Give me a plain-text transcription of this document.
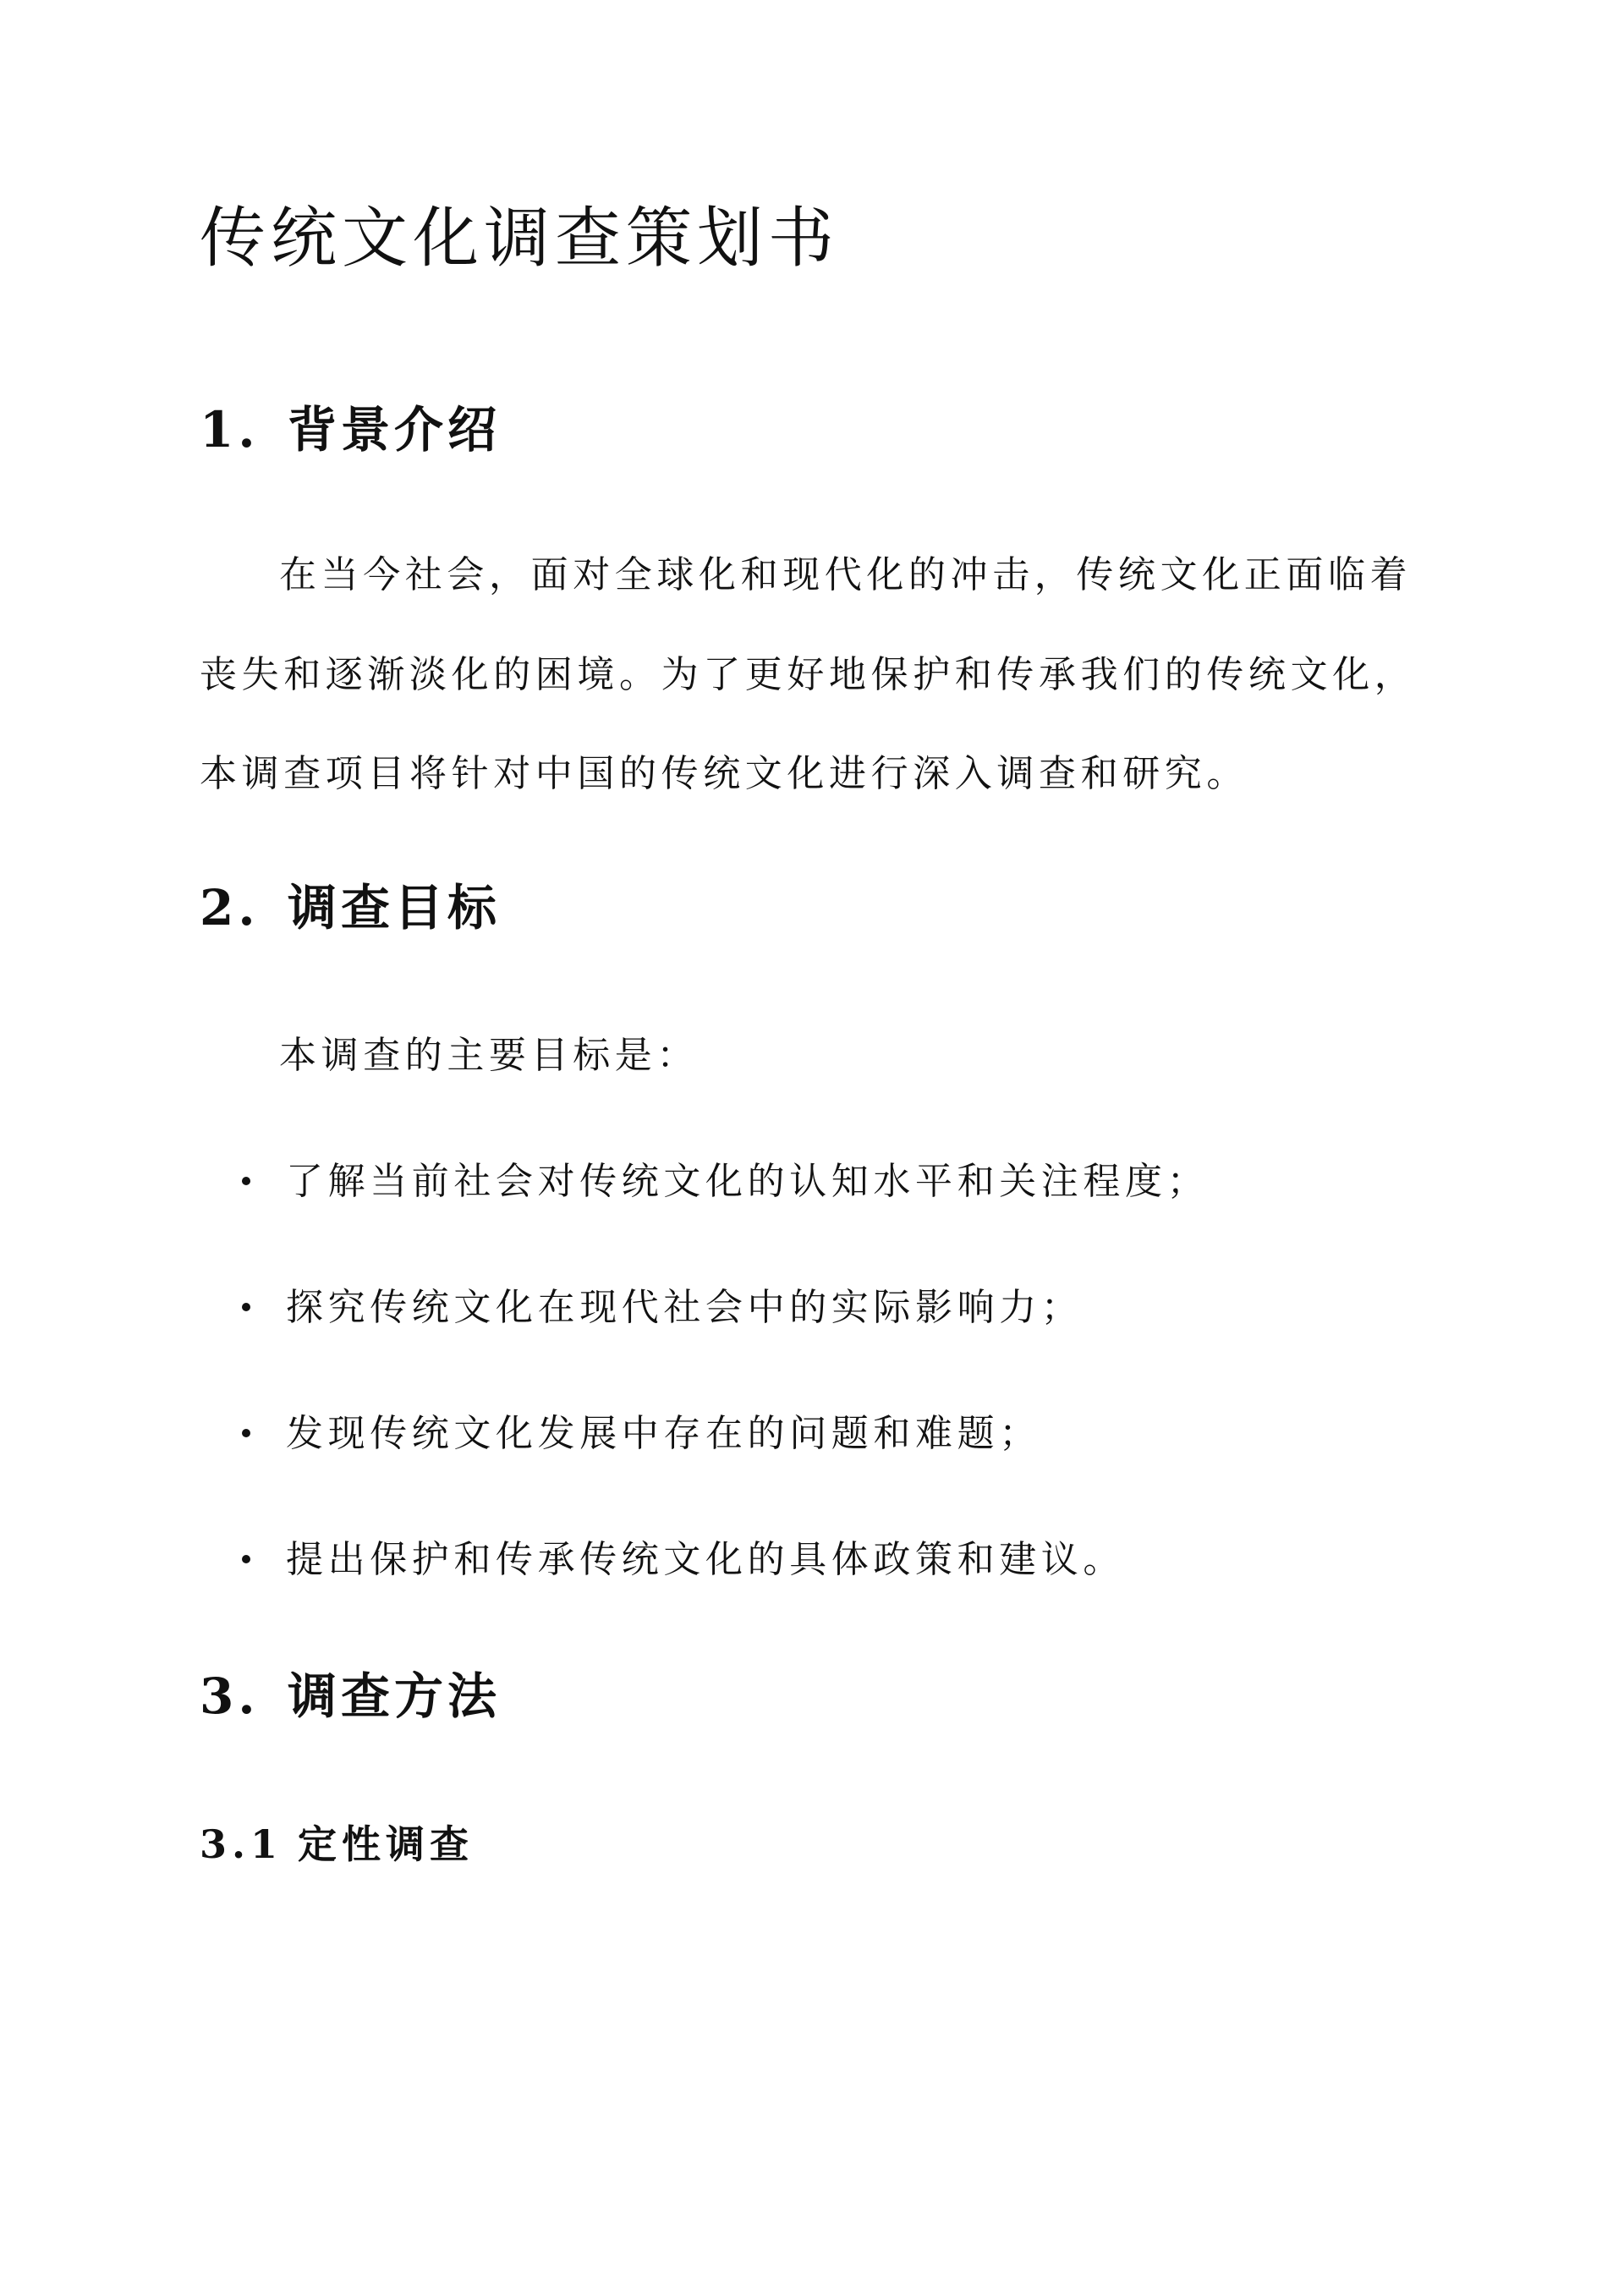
传统文化调查策划书
1. 背景介绍
在当今社会，面对全球化和现代化的冲击，传统文化正面临着
丧失和逐渐淡化的困境。为了更好地保护和传承我们的传统文化，
本调查项目将针对中国的传统文化进行深入调查和研究。
2. 调查目标
本调查的主要目标是：
了解当前社会对传统文化的认知水平和关注程度；
探究传统文化在现代社会中的实际影响力；
发现传统文化发展中存在的问题和难题；
提出保护和传承传统文化的具体政策和建议。
3. 调查方法
3.1 定性调查
